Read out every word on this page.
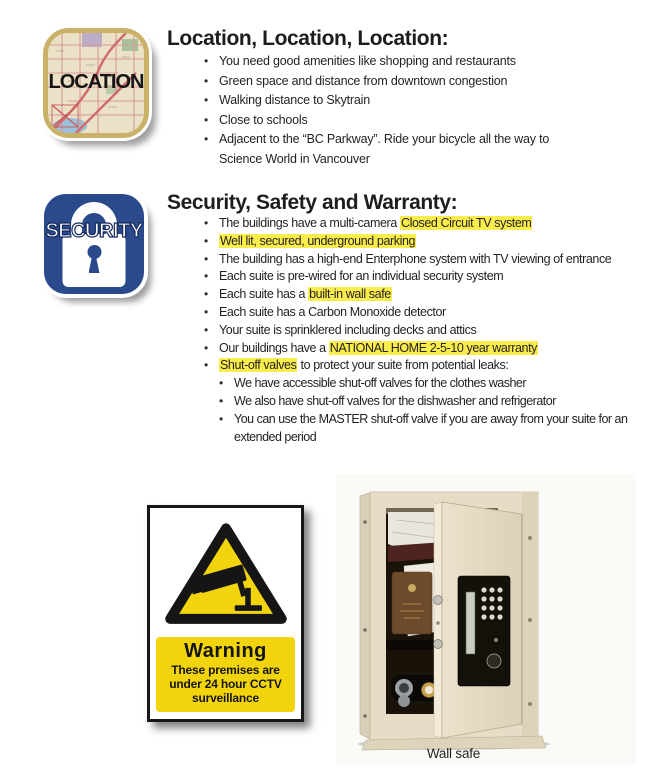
LOCATION
Location, Location, Location:
• You need good amenities like shopping and restaurants
• Green space and distance from downtown congestion
• Walking distance to Skytrain
• Close to schools
• Adjacent to the “BC Parkway”. Ride your bicycle all the way to Science World in Vancouver
SECURITY
Security, Safety and Warranty:
• The buildings have a multi-camera Closed Circuit TV system
• Well lit, secured, underground parking
• The building has a high-end Enterphone system with TV viewing of entrance
• Each suite is pre-wired for an individual security system
• Each suite has a built-in wall safe
• Each suite has a Carbon Monoxide detector
• Your suite is sprinklered including decks and attics
• Our buildings have a NATIONAL HOME 2-5-10 year warranty
• Shut-off valves to protect your suite from potential leaks:
• We have accessible shut-off valves for the clothes washer
• We also have shut-off valves for the dishwasher and refrigerator
• You can use the MASTER shut-off valve if you are away from your suite for an extended period
Warning
These premises are
under 24 hour CCTV
surveillance
Wall safe
